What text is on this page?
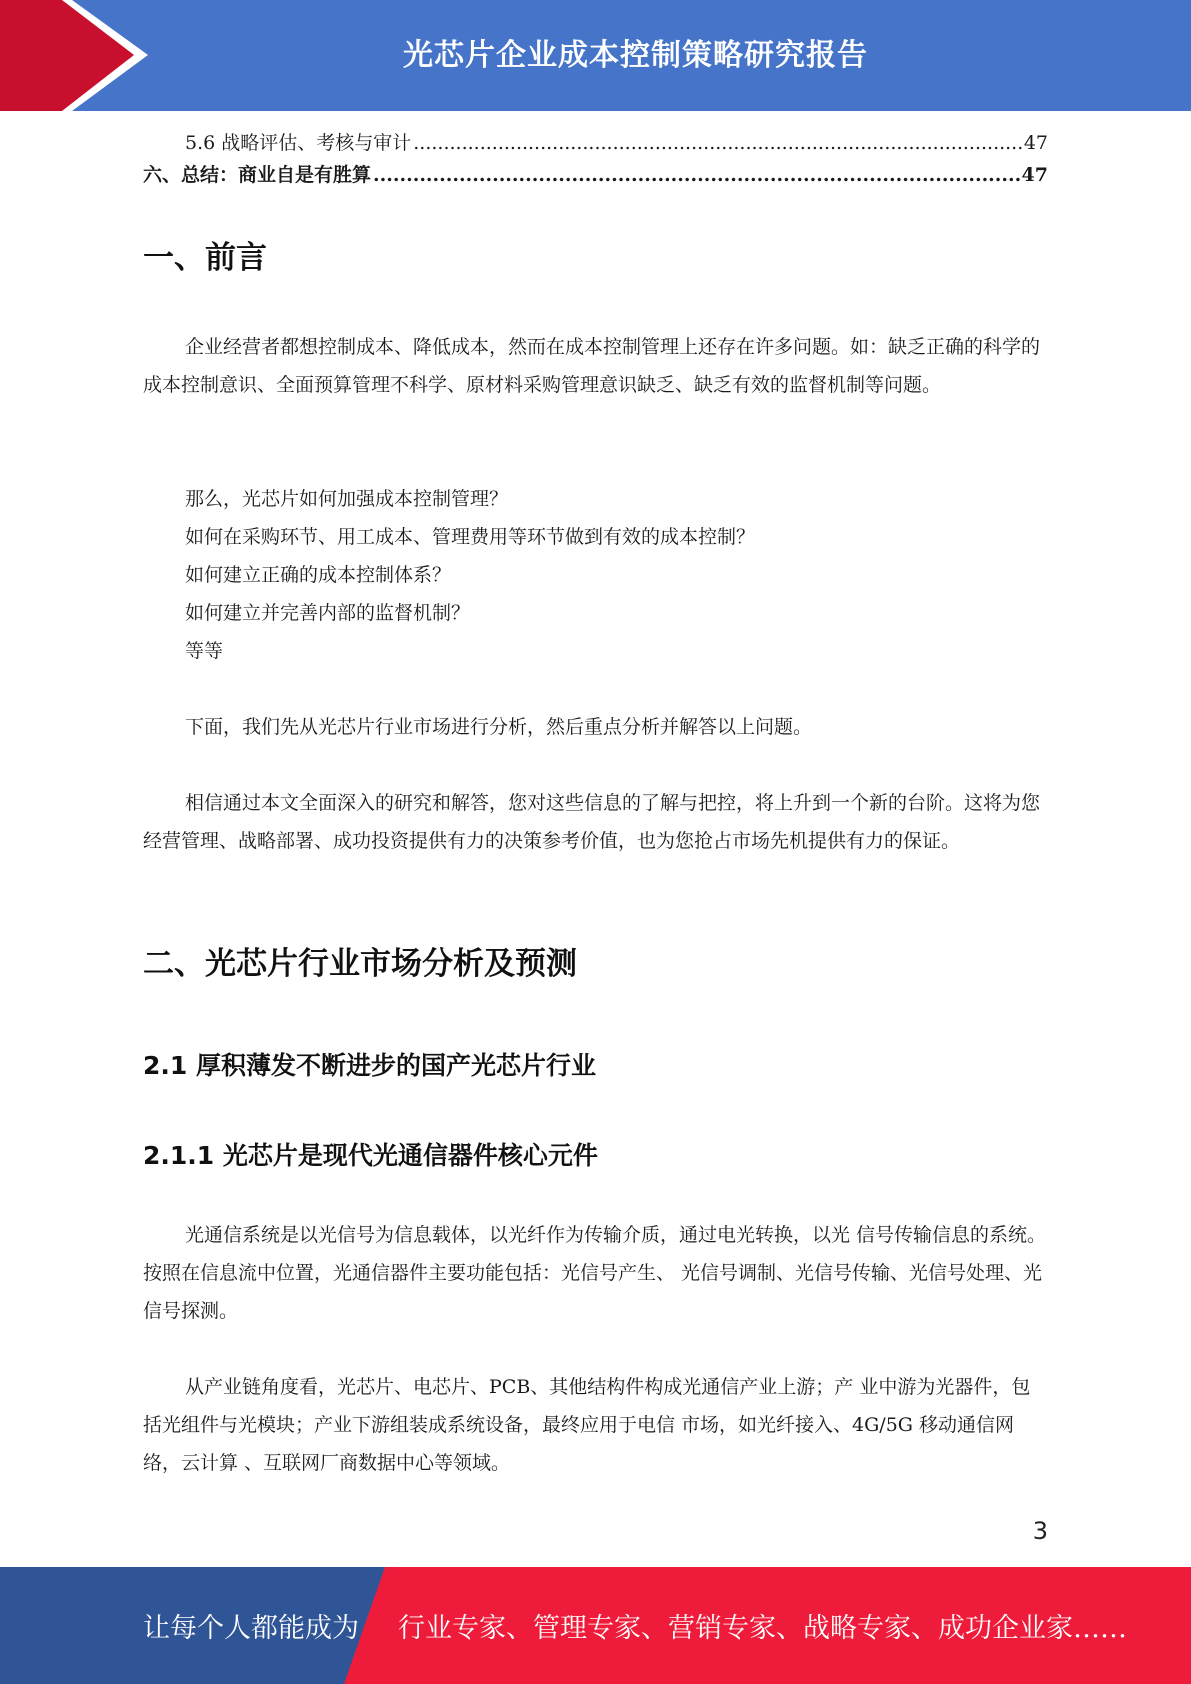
光芯片企业成本控制策略研究报告
5.6 战略评估、考核与审计 .....	47
六、总结：商业自是有胜算 .....	47
一、前言

企业经营者都想控制成本、降低成本，然而在成本控制管理上还存在许多问题。如：缺乏正确的科学的成本控制意识、全面预算管理不科学、原材料采购管理意识缺乏、缺乏有效的监督机制等问题。

那么，光芯片如何加强成本控制管理？

如何在采购环节、用工成本、管理费用等环节做到有效的成本控制？

如何建立正确的成本控制体系？

如何建立并完善内部的监督机制？

等等

下面，我们先从光芯片行业市场进行分析，然后重点分析并解答以上问题。

相信通过本文全面深入的研究和解答，您对这些信息的了解与把控，将上升到一个新的台阶。这将为您经营管理、战略部署、成功投资提供有力的决策参考价值，也为您抢占市场先机提供有力的保证。

二、光芯片行业市场分析及预测
2.1 厚积薄发不断进步的国产光芯片行业
2.1.1 光芯片是现代光通信器件核心元件

光通信系统是以光信号为信息载体，以光纤作为传输介质，通过电光转换，以光 信号传输信息的系统。按照在信息流中位置，光通信器件主要功能包括：光信号产生、 光信号调制、光信号传输、光信号处理、光信号探测。

从产业链角度看，光芯片、电芯片、PCB、其他结构件构成光通信产业上游；产 业中游为光器件，包括光组件与光模块；产业下游组装成系统设备，最终应用于电信 市场，如光纤接入、4G/5G 移动通信网络，云计算 、互联网厂商数据中心等领域。

3
让每个人都能成为 行业专家、管理专家、营销专家、战略专家、成功企业家……
